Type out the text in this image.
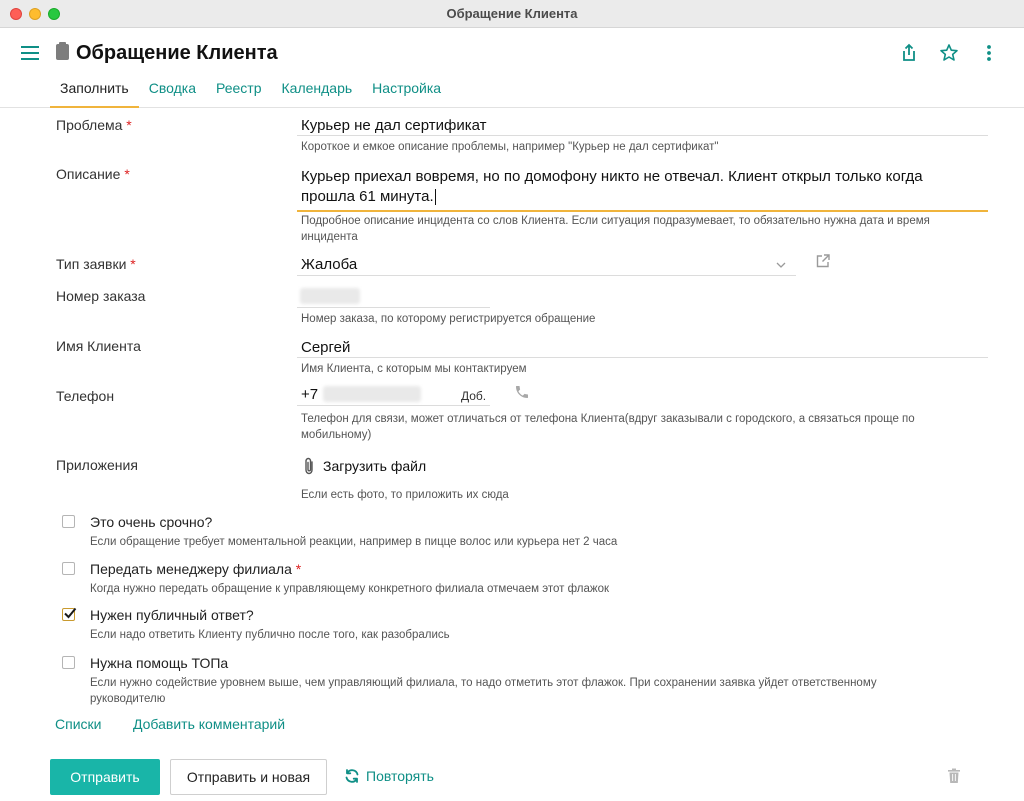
Обращение Клиента
Обращение Клиента
Заполнить	Сводка	Реестр	Календарь	Настройка
Проблема *	Курьер не дал сертификат
Короткое и емкое описание проблемы, например "Курьер не дал сертификат"
Описание *	Курьер приехал вовремя, но по домофону никто не отвечал. Клиент открыл только когда
прошла 61 минута.
Подробное описание инцидента со слов Клиента. Если ситуация подразумевает, то обязательно нужна дата и время
инцидента
Тип заявки *	Жалоба
Номер заказа
Номер заказа, по которому регистрируется обращение
Имя Клиента	Сергей
Имя Клиента, с которым мы контактируем
Телефон	+7	Доб.
Телефон для связи, может отличаться от телефона Клиента(вдруг заказывали с городского, а связаться проще по
мобильному)
Приложения	Загрузить файл
Если есть фото, то приложить их сюда
Это очень срочно?
Если обращение требует моментальной реакции, например в пицце волос или курьера нет 2 часа
Передать менеджеру филиала *
Когда нужно передать обращение к управляющему конкретного филиала отмечаем этот флажок
Нужен публичный ответ?
Если надо ответить Клиенту публично после того, как разобрались
Нужна помощь ТОПа
Если нужно содействие уровнем выше, чем управляющий филиала, то надо отметить этот флажок. При сохранении заявка уйдет ответственному
руководителю
Списки Добавить комментарий
Отправить	Отправить и новая	Повторять
